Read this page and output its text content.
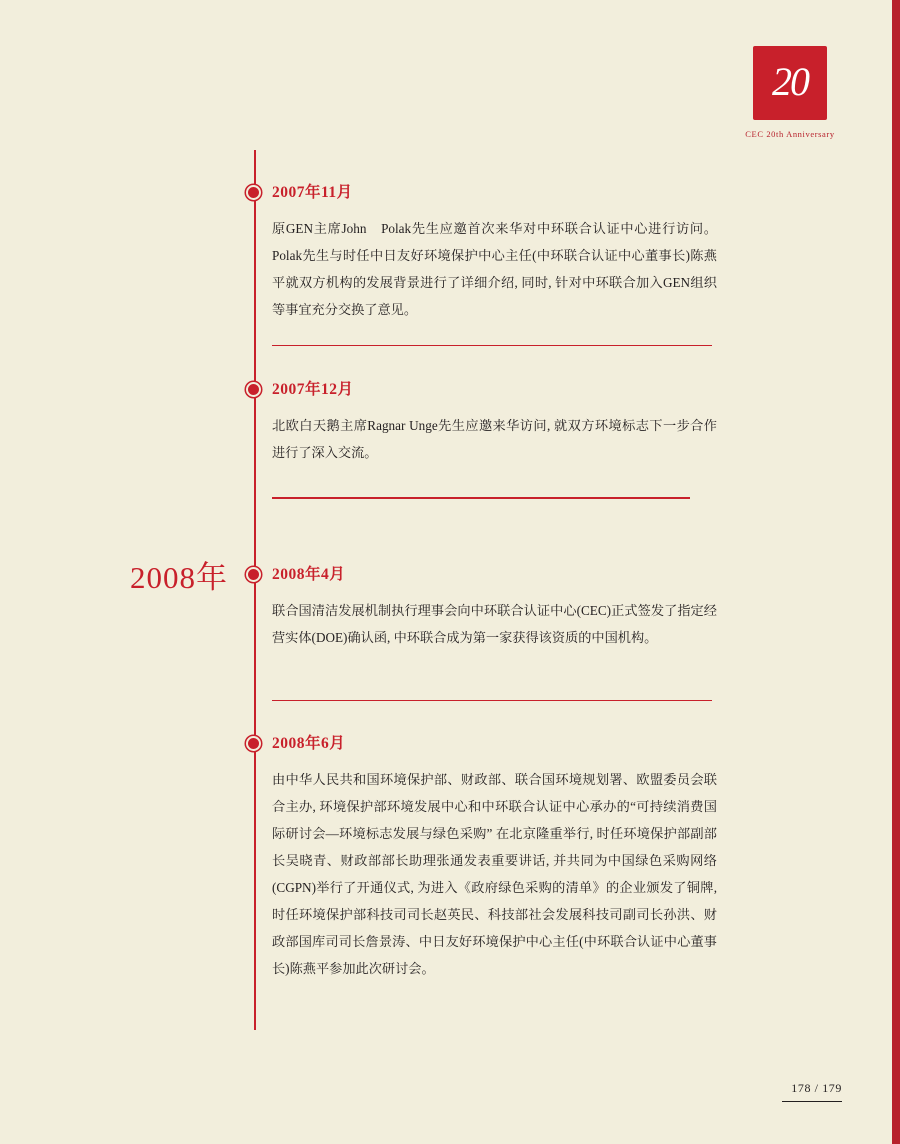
20
CEC 20th Anniversary
2008年
2007年11月

原GEN主席John　Polak先生应邀首次来华对中环联合认证中心进行访问。Polak先生与时任中日友好环境保护中心主任(中环联合认证中心董事长)陈燕平就双方机构的发展背景进行了详细介绍, 同时, 针对中环联合加入GEN组织等事宜充分交换了意见。

2007年12月

北欧白天鹅主席Ragnar Unge先生应邀来华访问, 就双方环境标志下一步合作进行了深入交流。

2008年4月

联合国清洁发展机制执行理事会向中环联合认证中心(CEC)正式签发了指定经营实体(DOE)确认函, 中环联合成为第一家获得该资质的中国机构。

2008年6月

由中华人民共和国环境保护部、财政部、联合国环境规划署、欧盟委员会联合主办, 环境保护部环境发展中心和中环联合认证中心承办的“可持续消费国际研讨会—环境标志发展与绿色采购” 在北京隆重举行, 时任环境保护部副部长吴晓青、财政部部长助理张通发表重要讲话, 并共同为中国绿色采购网络(CGPN)举行了开通仪式, 为进入《政府绿色采购的清单》的企业颁发了铜牌, 时任环境保护部科技司司长赵英民、科技部社会发展科技司副司长孙洪、财政部国库司司长詹景涛、中日友好环境保护中心主任(中环联合认证中心董事长)陈燕平参加此次研讨会。

178 / 179
